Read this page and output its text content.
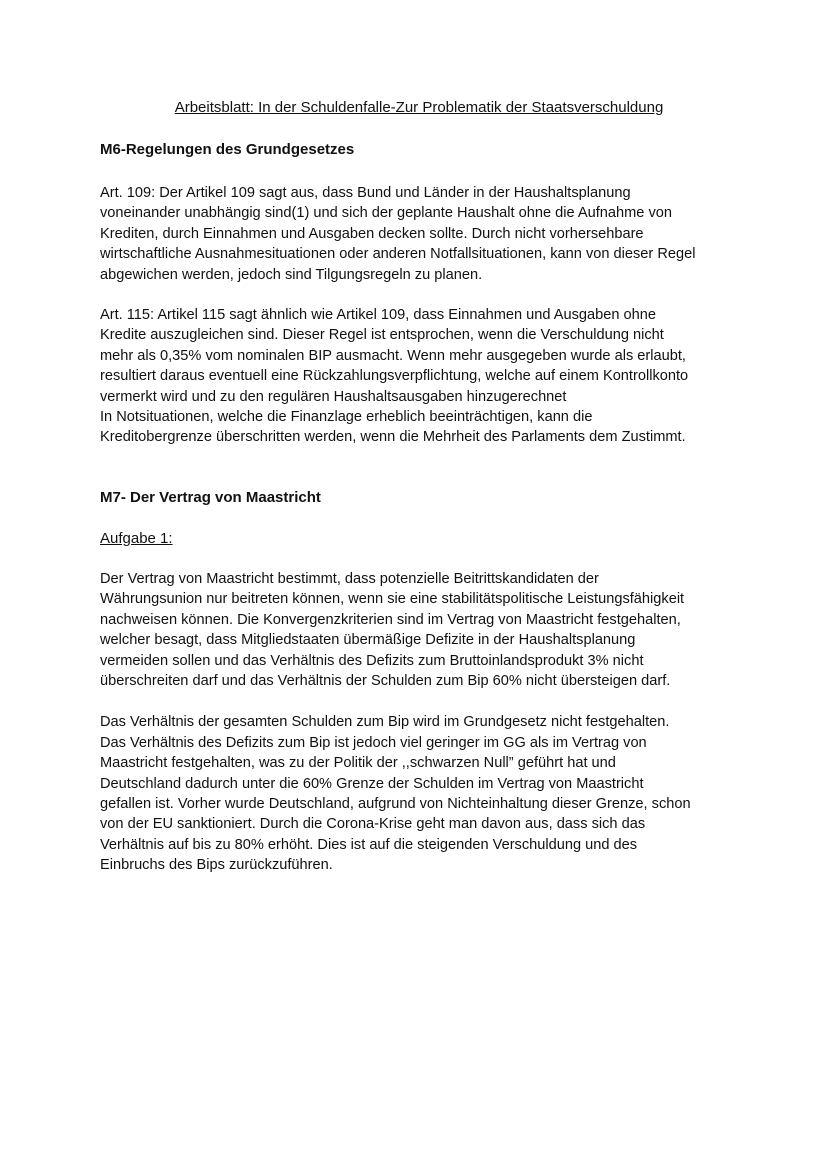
Arbeitsblatt: In der Schuldenfalle-Zur Problematik der Staatsverschuldung
M6-Regelungen des Grundgesetzes
Art. 109: Der Artikel 109 sagt aus, dass Bund und Länder in der Haushaltsplanung
voneinander unabhängig sind(1) und sich der geplante Haushalt ohne die Aufnahme von
Krediten, durch Einnahmen und Ausgaben decken sollte. Durch nicht vorhersehbare
wirtschaftliche Ausnahmesituationen oder anderen Notfallsituationen, kann von dieser Regel
abgewichen werden, jedoch sind Tilgungsregeln zu planen.
Art. 115: Artikel 115 sagt ähnlich wie Artikel 109, dass Einnahmen und Ausgaben ohne
Kredite auszugleichen sind. Dieser Regel ist entsprochen, wenn die Verschuldung nicht
mehr als 0,35% vom nominalen BIP ausmacht. Wenn mehr ausgegeben wurde als erlaubt,
resultiert daraus eventuell eine Rückzahlungsverpflichtung, welche auf einem Kontrollkonto
vermerkt wird und zu den regulären Haushaltsausgaben hinzugerechnet
In Notsituationen, welche die Finanzlage erheblich beeinträchtigen, kann die
Kreditobergrenze überschritten werden, wenn die Mehrheit des Parlaments dem Zustimmt.
M7- Der Vertrag von Maastricht
Aufgabe 1:
Der Vertrag von Maastricht bestimmt, dass potenzielle Beitrittskandidaten der
Währungsunion nur beitreten können, wenn sie eine stabilitätspolitische Leistungsfähigkeit
nachweisen können. Die Konvergenzkriterien sind im Vertrag von Maastricht festgehalten,
welcher besagt, dass Mitgliedstaaten übermäßige Defizite in der Haushaltsplanung
vermeiden sollen und das Verhältnis des Defizits zum Bruttoinlandsprodukt 3% nicht
überschreiten darf und das Verhältnis der Schulden zum Bip 60% nicht übersteigen darf.
Das Verhältnis der gesamten Schulden zum Bip wird im Grundgesetz nicht festgehalten.
Das Verhältnis des Defizits zum Bip ist jedoch viel geringer im GG als im Vertrag von
Maastricht festgehalten, was zu der Politik der ,,schwarzen Null” geführt hat und
Deutschland dadurch unter die 60% Grenze der Schulden im Vertrag von Maastricht
gefallen ist. Vorher wurde Deutschland, aufgrund von Nichteinhaltung dieser Grenze, schon
von der EU sanktioniert. Durch die Corona-Krise geht man davon aus, dass sich das
Verhältnis auf bis zu 80% erhöht. Dies ist auf die steigenden Verschuldung und des
Einbruchs des Bips zurückzuführen.
